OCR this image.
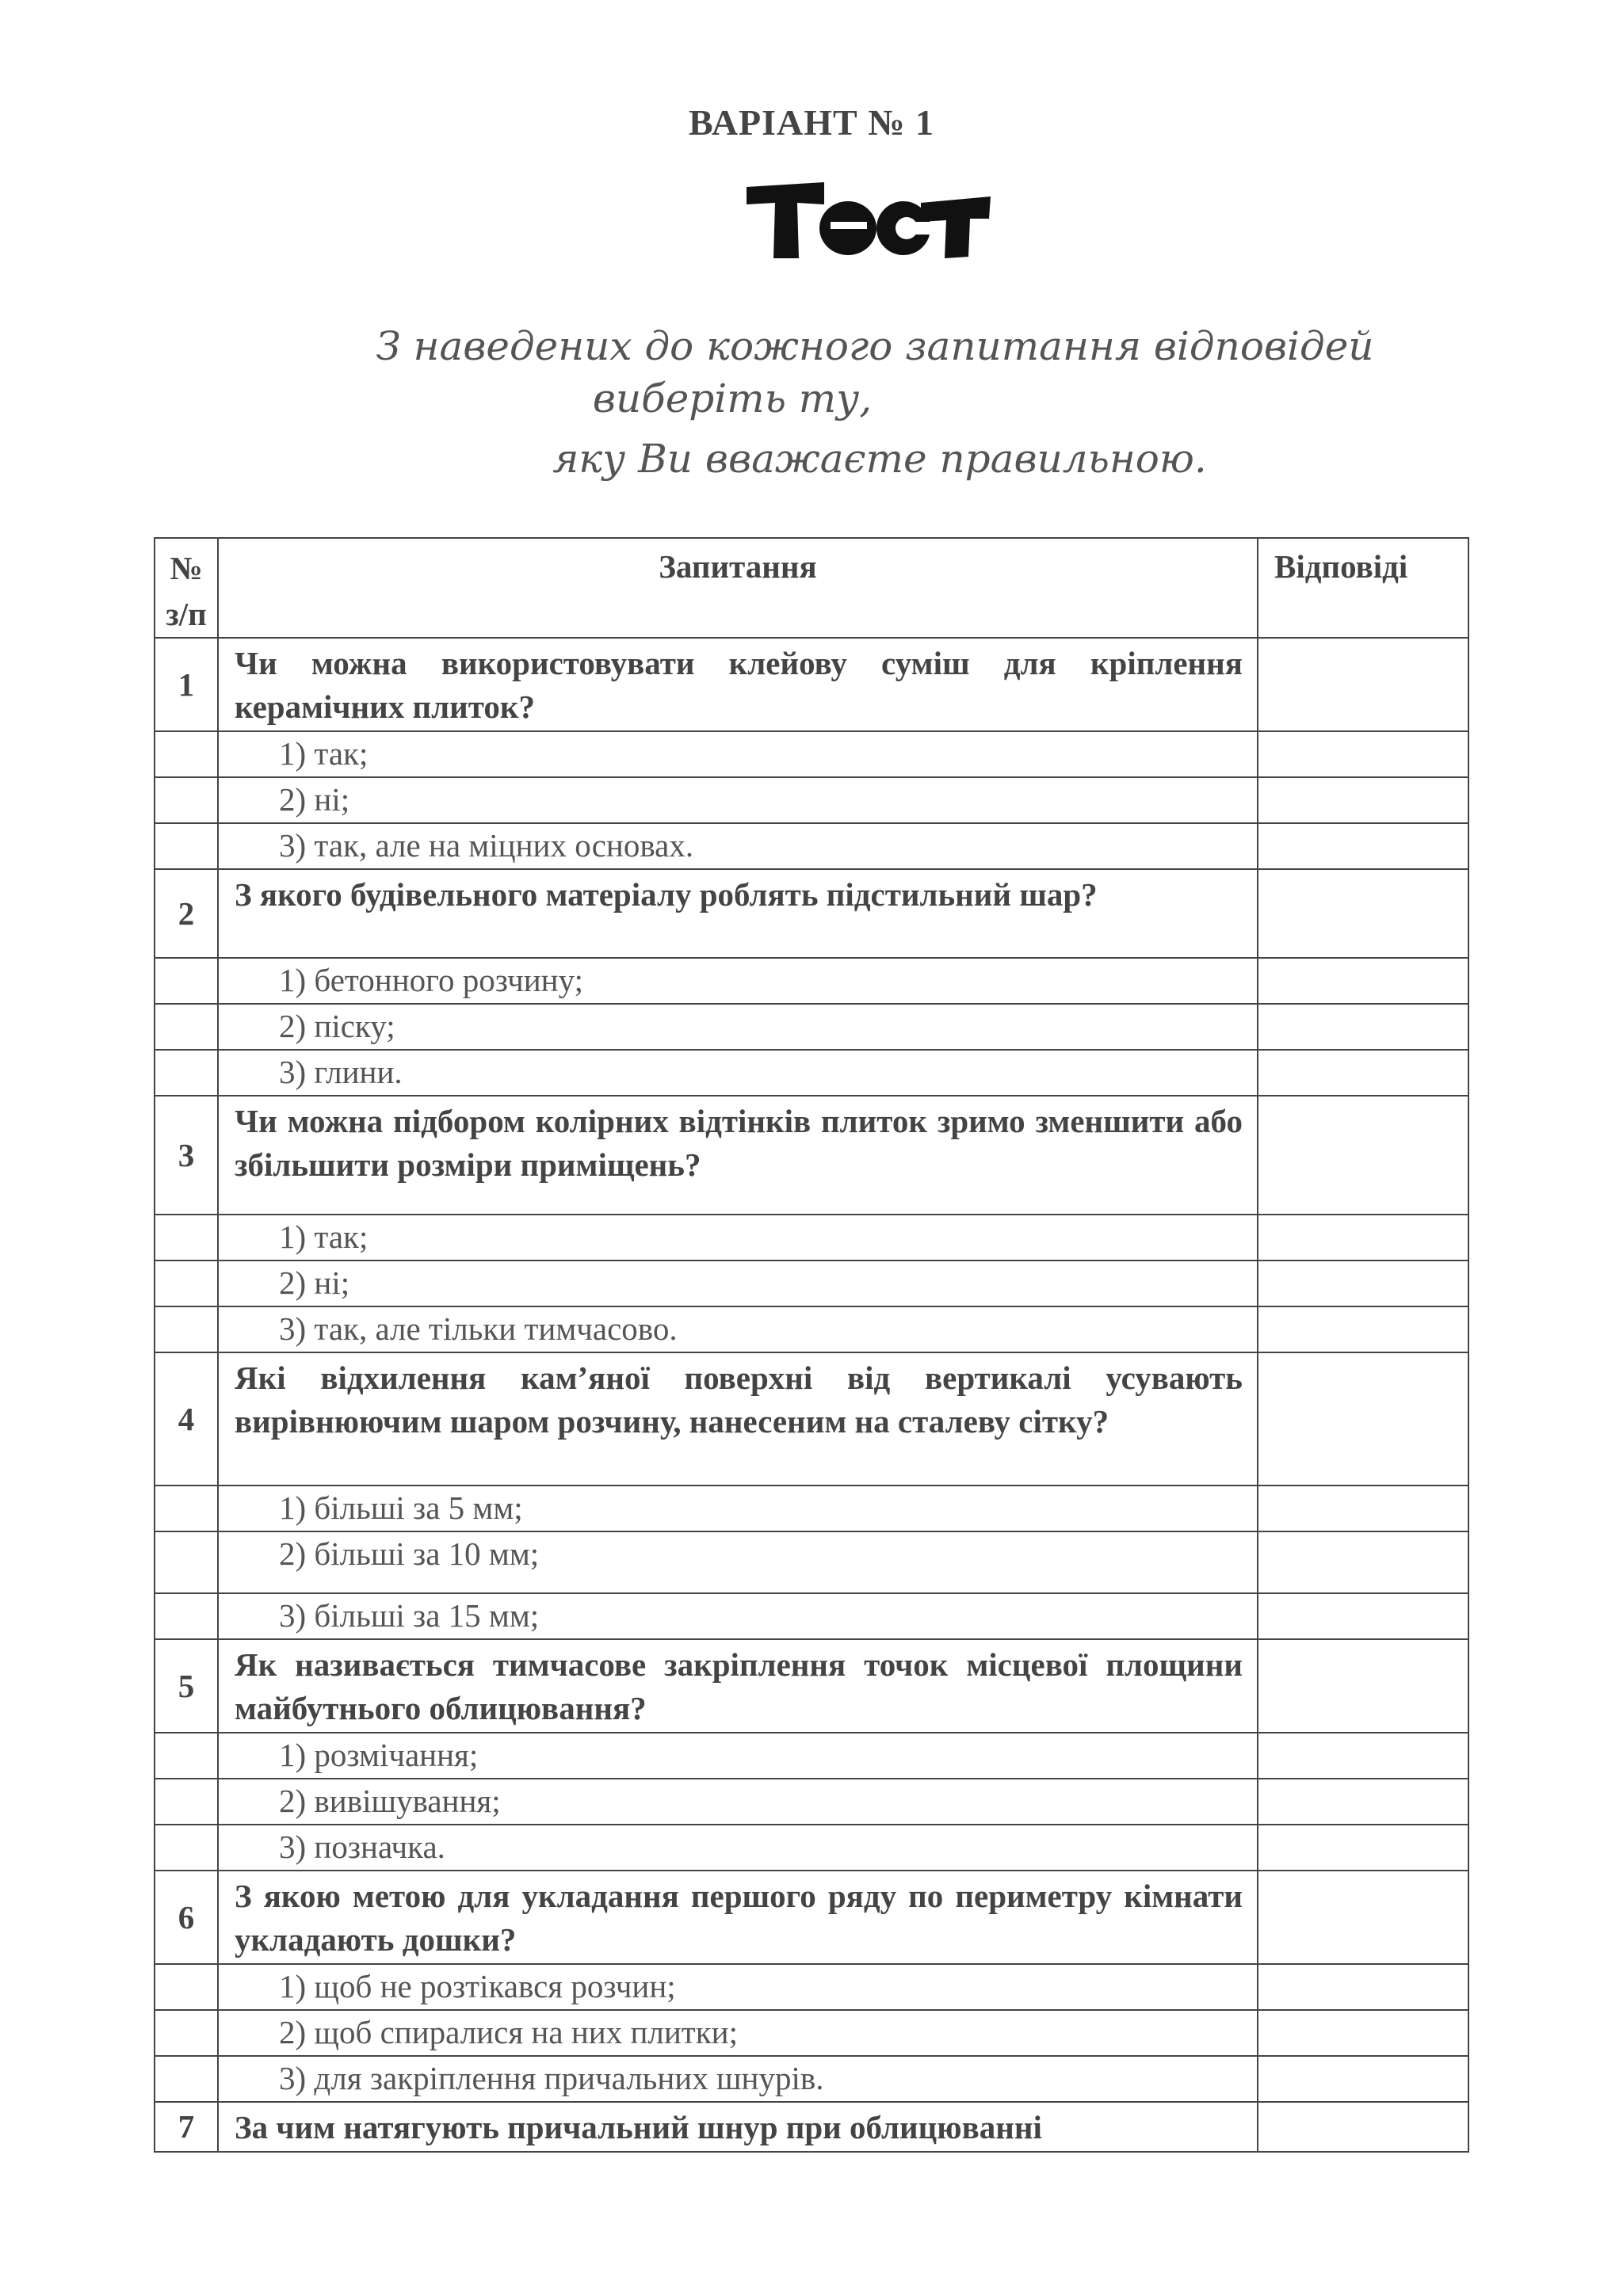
ВАРІАНТ № 1
З наведених до кожного запитання відповідей
виберіть ту,
яку Ви вважаєте правильною.
№
з/п	Запитання	Відповіді
1	Чи можна використовувати клейову суміш для кріплення керамічних плиток?	
	1) так;	
	2) ні;	
	3) так, але на міцних основах.	
2	З якого будівельного матеріалу роблять підстильний шар?	
	1) бетонного розчину;	
	2) піску;	
	3) глини.	
3	Чи можна підбором колірних відтінків плиток зримо зменшити або збільшити розміри приміщень?	
	1) так;	
	2) ні;	
	3) так, але тільки тимчасово.	
4	Які відхилення кам’яної поверхні від вертикалі усувають вирівнюючим шаром розчину, нанесеним на сталеву сітку?	
	1) більші за 5 мм;	
	2) більші за 10 мм;	
	3) більші за 15 мм;	
5	Як називається тимчасове закріплення точок місцевої площини майбутнього облицювання?	
	1) розмічання;	
	2) вивішування;	
	3) позначка.	
6	З якою метою для укладання першого ряду по периметру кімнати укладають дошки?	
	1) щоб не розтікався розчин;	
	2) щоб спиралися на них плитки;	
	3) для закріплення причальних шнурів.	
7	За чим натягують причальний шнур при облицюванні	
